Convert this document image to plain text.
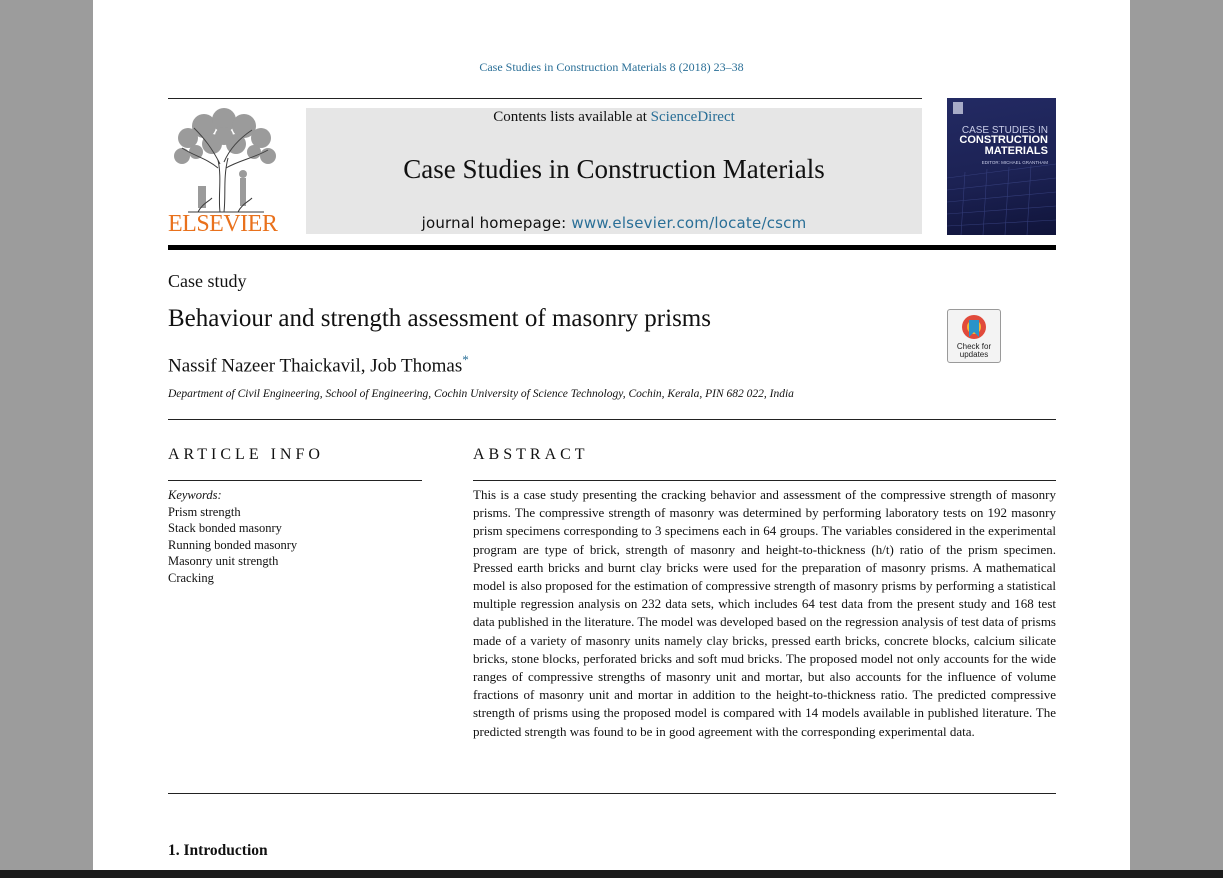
Case Studies in Construction Materials 8 (2018) 23–38
ELSEVIER
Contents lists available at ScienceDirect
Case Studies in Construction Materials
journal homepage: www.elsevier.com/locate/cscm
CASE STUDIES IN
CONSTRUCTION
MATERIALS
EDITOR: MICHAEL GRANTHAM
Case study
Behaviour and strength assessment of masonry prisms
Nassif Nazeer Thaickavil, Job Thomas*
Department of Civil Engineering, School of Engineering, Cochin University of Science Technology, Cochin, Kerala, PIN 682 022, India
Check for
updates
ARTICLE INFO	ABSTRACT
Keywords:
Prism strength
Stack bonded masonry
Running bonded masonry
Masonry unit strength
Cracking
This is a case study presenting the cracking behavior and assessment of the compressive strength of masonry prisms. The compressive strength of masonry was determined by performing laboratory tests on 192 masonry prism specimens corresponding to 3 specimens each in 64 groups. The variables considered in the experimental program are type of brick, strength of masonry and height-to-thickness (h/t) ratio of the prism specimen. Pressed earth bricks and burnt clay bricks were used for the preparation of masonry prisms. A mathematical model is also proposed for the estimation of compressive strength of masonry prisms by performing a statistical multiple regression analysis on 232 data sets, which includes 64 test data from the present study and 168 test data published in the literature. The model was developed based on the regression analysis of test data of prisms made of a variety of masonry units namely clay bricks, pressed earth bricks, concrete blocks, calcium silicate bricks, stone blocks, perforated bricks and soft mud bricks. The proposed model not only accounts for the wide ranges of compressive strengths of masonry unit and mortar, but also accounts for the influence of volume fractions of masonry unit and mortar in addition to the height-to-thickness ratio. The predicted compressive strength of prisms using the proposed model is compared with 14 models available in published literature. The predicted strength was found to be in good agreement with the corresponding experimental data.
1. Introduction
